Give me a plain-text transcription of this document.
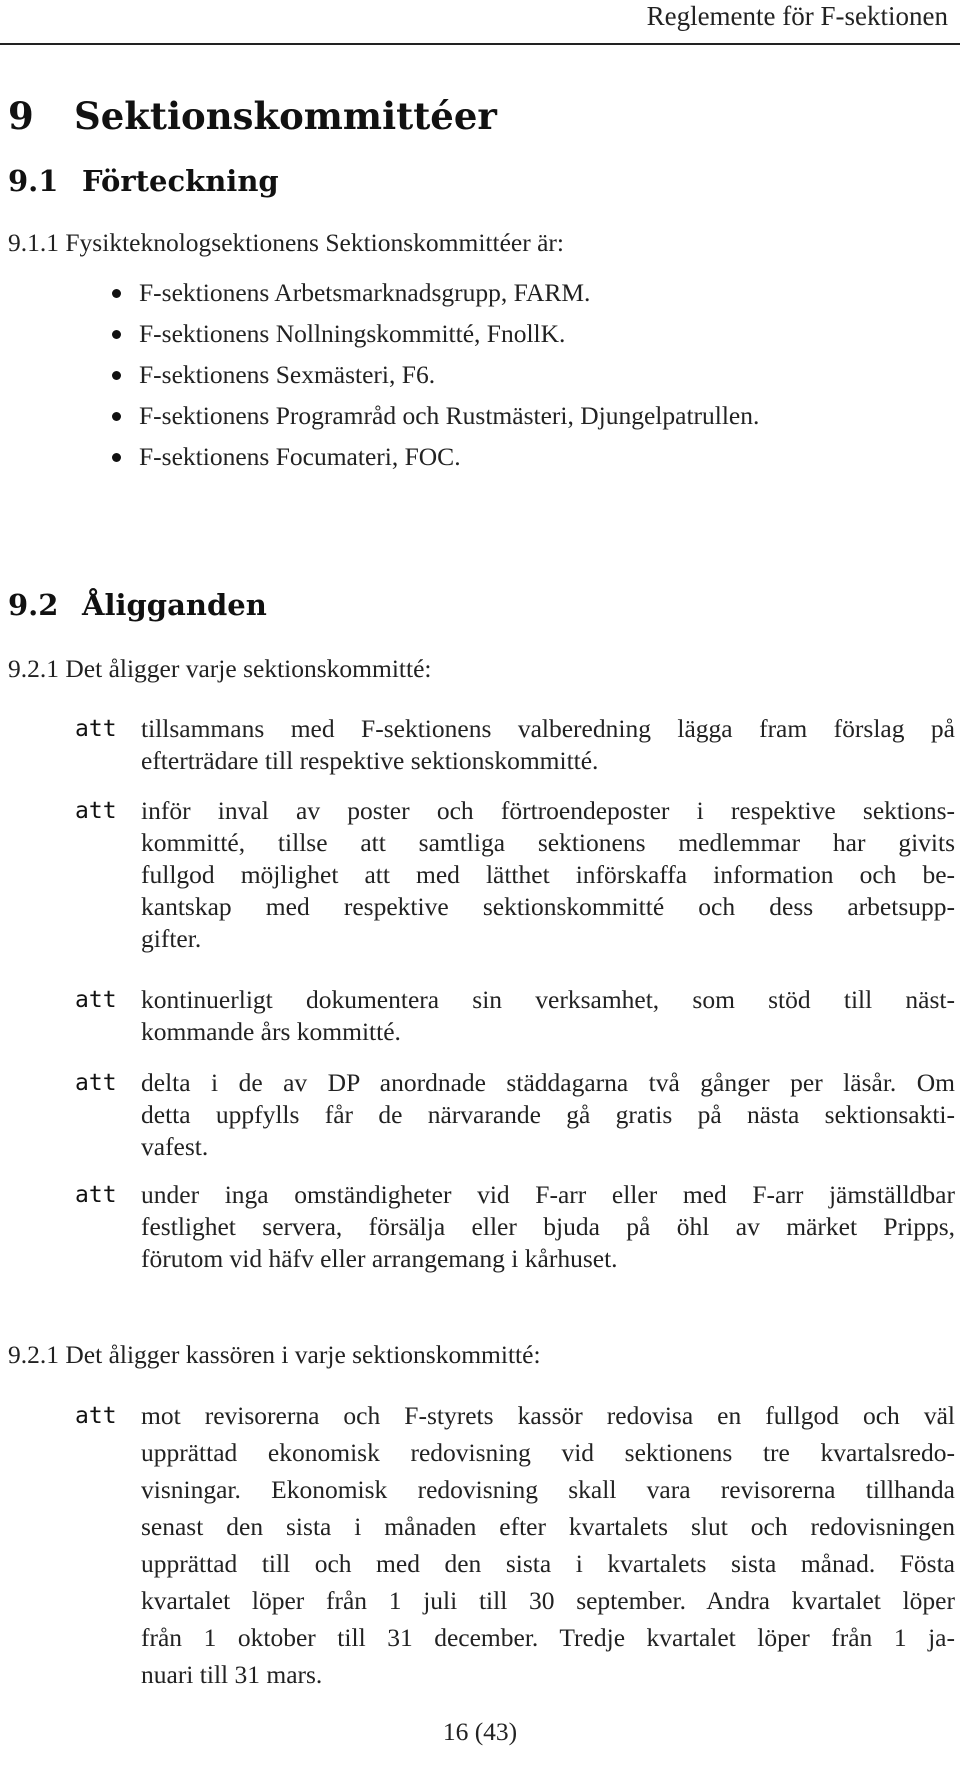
Reglemente för F-sektionen
9 Sektionskommittéer
9.1 Förteckning

9.1.1 Fysikteknologsektionens Sektionskommittéer är:

F-sektionens Arbetsmarknadsgrupp, FARM.
F-sektionens Nollningskommitté, FnollK.
F-sektionens Sexmästeri, F6.
F-sektionens Programråd och Rustmästeri, Djungelpatrullen.
F-sektionens Focumateri, FOC.
9.2 Åligganden

9.2.1 Det åligger varje sektionskommitté:

att tillsammans med F-sektionens valberedning lägga fram förslag på
efterträdare till respektive sektionskommitté.
att inför inval av poster och förtroendeposter i respektive sektions-
kommitté, tillse att samtliga sektionens medlemmar har givits
fullgod möjlighet att med lätthet införskaffa information och be-
kantskap med respektive sektionskommitté och dess arbetsupp-
gifter.
att kontinuerligt dokumentera sin verksamhet, som stöd till näst-
kommande års kommitté.
att delta i de av DP anordnade städdagarna två gånger per läsår. Om
detta uppfylls får de närvarande gå gratis på nästa sektionsakti-
vafest.
att under inga omständigheter vid F-arr eller med F-arr jämställdbar
festlighet servera, försälja eller bjuda på öhl av märket Pripps,
förutom vid häfv eller arrangemang i kårhuset.

9.2.1 Det åligger kassören i varje sektionskommitté:

att mot revisorerna och F-styrets kassör redovisa en fullgod och väl
upprättad ekonomisk redovisning vid sektionens tre kvartalsredo-
visningar. Ekonomisk redovisning skall vara revisorerna tillhanda
senast den sista i månaden efter kvartalets slut och redovisningen
upprättad till och med den sista i kvartalets sista månad. Fösta
kvartalet löper från 1 juli till 30 september. Andra kvartalet löper
från 1 oktober till 31 december. Tredje kvartalet löper från 1 ja-
nuari till 31 mars.
16 (43)
